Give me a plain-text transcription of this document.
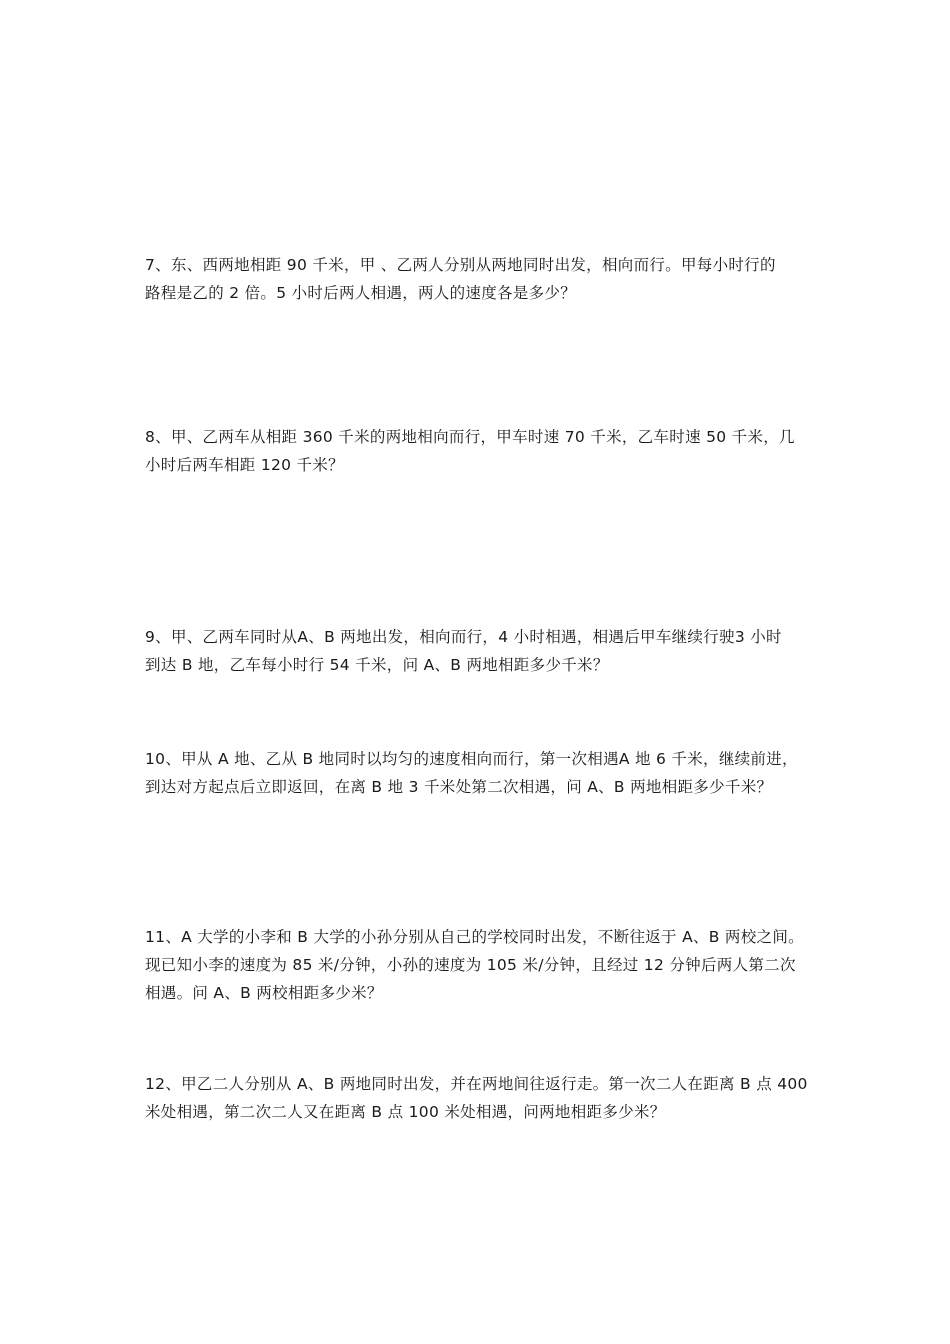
7、东、西两地相距 90 千米，甲 、乙两人分别从两地同时出发，相向而行。甲每小时行的
路程是乙的 2 倍。5 小时后两人相遇，两人的速度各是多少？

8、甲、乙两车从相距 360 千米的两地相向而行，甲车时速 70 千米，乙车时速 50 千米，几
小时后两车相距 120 千米？

9、甲、乙两车同时从A、B 两地出发，相向而行，4 小时相遇，相遇后甲车继续行驶3 小时
到达 B 地，乙车每小时行 54 千米，问 A、B 两地相距多少千米？

10、甲从 A 地、乙从 B 地同时以均匀的速度相向而行，第一次相遇A 地 6 千米，继续前进，
到达对方起点后立即返回，在离 B 地 3 千米处第二次相遇，问 A、B 两地相距多少千米？

11、A 大学的小李和 B 大学的小孙分别从自己的学校同时出发，不断往返于 A、B 两校之间。
现已知小李的速度为 85 米/分钟，小孙的速度为 105 米/分钟，且经过 12 分钟后两人第二次
相遇。问 A、B 两校相距多少米？

12、甲乙二人分别从 A、B 两地同时出发，并在两地间往返行走。第一次二人在距离 B 点 400
米处相遇，第二次二人又在距离 B 点 100 米处相遇，问两地相距多少米？
